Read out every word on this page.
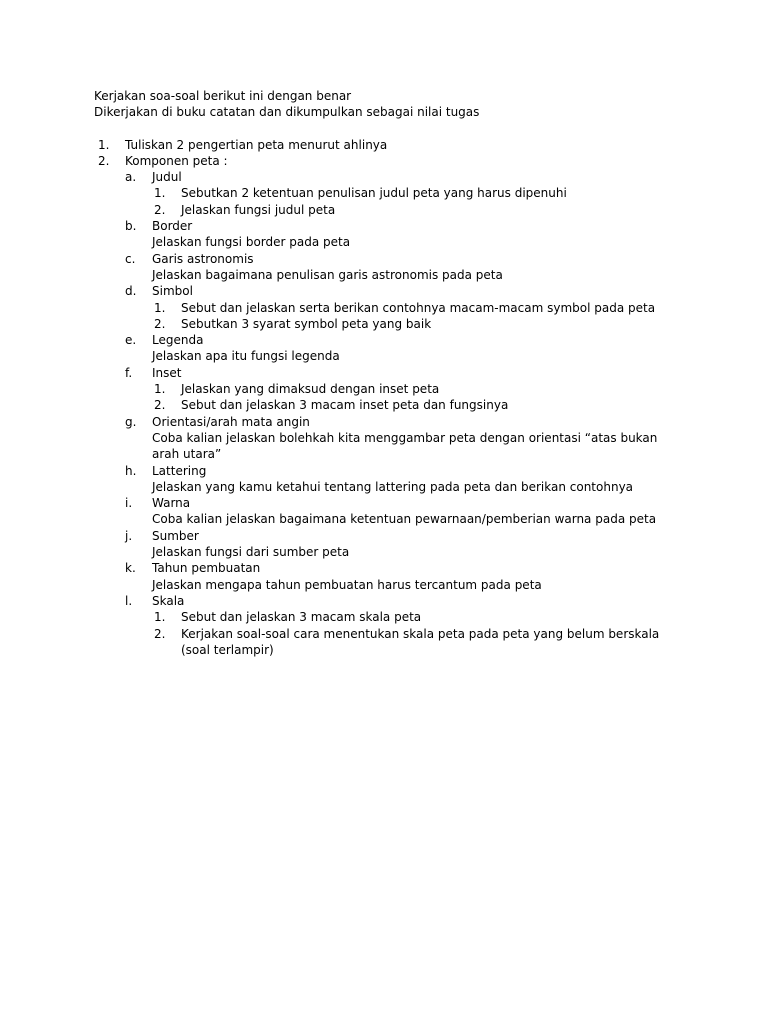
Kerjakan soa-soal berikut ini dengan benar
Dikerjakan di buku catatan dan dikumpulkan sebagai nilai tugas
1.	Tuliskan 2 pengertian peta menurut ahlinya
2.	Komponen peta :
a.	Judul
1.	Sebutkan 2 ketentuan penulisan judul peta yang harus dipenuhi
2.	Jelaskan fungsi judul peta
b.	Border
Jelaskan fungsi border pada peta
c.	Garis astronomis
Jelaskan bagaimana penulisan garis astronomis pada peta
d.	Simbol
1.	Sebut dan jelaskan serta berikan contohnya macam-macam symbol pada peta
2.	Sebutkan 3 syarat symbol peta yang baik
e.	Legenda
Jelaskan apa itu fungsi legenda
f.	Inset
1.	Jelaskan yang dimaksud dengan inset peta
2.	Sebut dan jelaskan 3 macam inset peta dan fungsinya
g.	Orientasi/arah mata angin
Coba kalian jelaskan bolehkah kita menggambar peta dengan orientasi “atas bukan arah utara”
h.	Lattering
Jelaskan yang kamu ketahui tentang lattering pada peta dan berikan contohnya
i.	Warna
Coba kalian jelaskan bagaimana ketentuan pewarnaan/pemberian warna pada peta
j.	Sumber
Jelaskan fungsi dari sumber peta
k.	Tahun pembuatan
Jelaskan mengapa tahun pembuatan harus tercantum pada peta
l.	Skala
1.	Sebut dan jelaskan 3 macam skala peta
2.	Kerjakan soal-soal cara menentukan skala peta pada peta yang belum berskala (soal terlampir)
